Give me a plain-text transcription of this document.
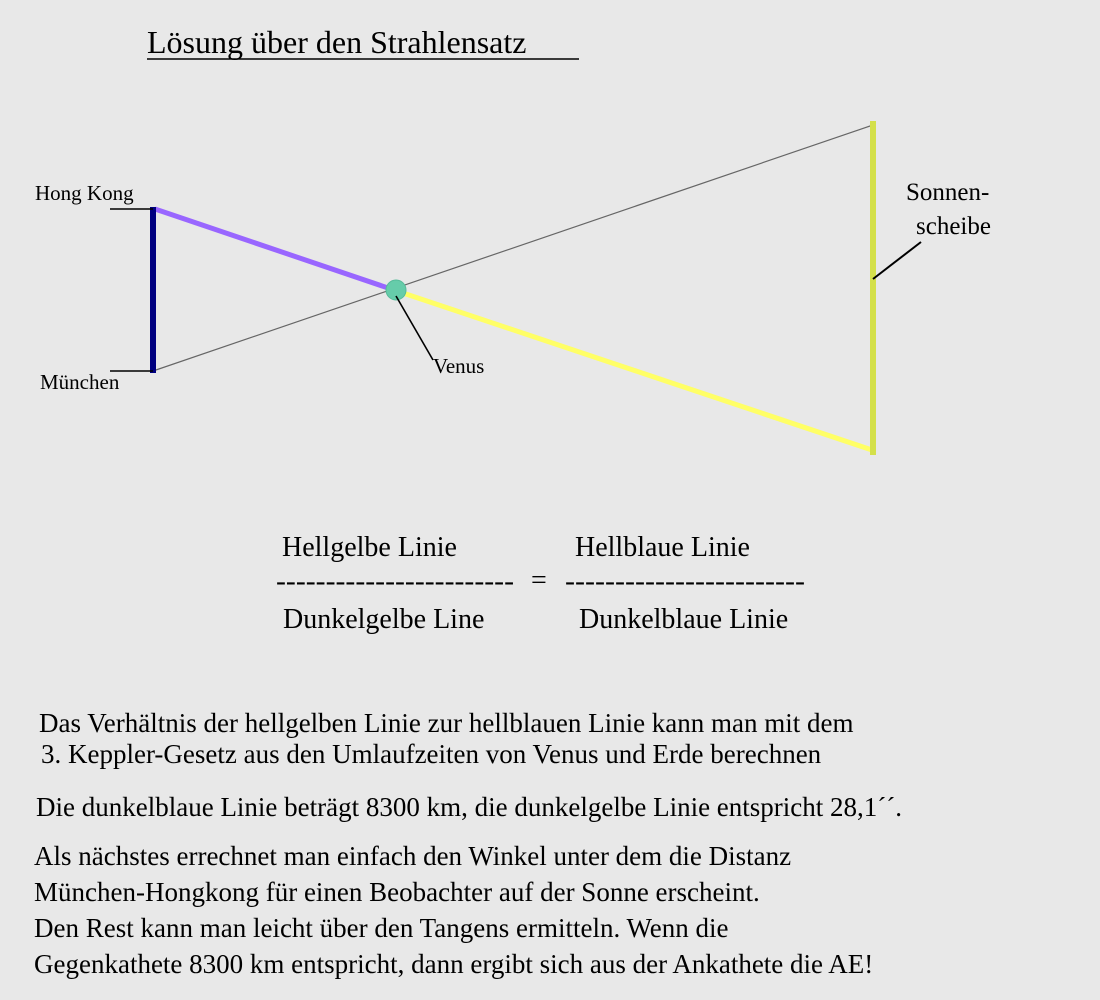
Lösung über den Strahlensatz
Hong Kong
München
Venus
Sonnen-
scheibe
Hellgelbe Linie	Hellblaue Linie
------------------------ = ------------------------
Dunkelgelbe Line	Dunkelblaue Linie

Das Verhältnis der hellgelben Linie zur hellblauen Linie kann man mit dem
3. Keppler-Gesetz aus den Umlaufzeiten von Venus und Erde berechnen

Die dunkelblaue Linie beträgt 8300 km, die dunkelgelbe Linie entspricht 28,1´´.

Als nächstes errechnet man einfach den Winkel unter dem die Distanz
München-Hongkong für einen Beobachter auf der Sonne erscheint.
Den Rest kann man leicht über den Tangens ermitteln. Wenn die
Gegenkathete 8300 km entspricht, dann ergibt sich aus der Ankathete die AE!
